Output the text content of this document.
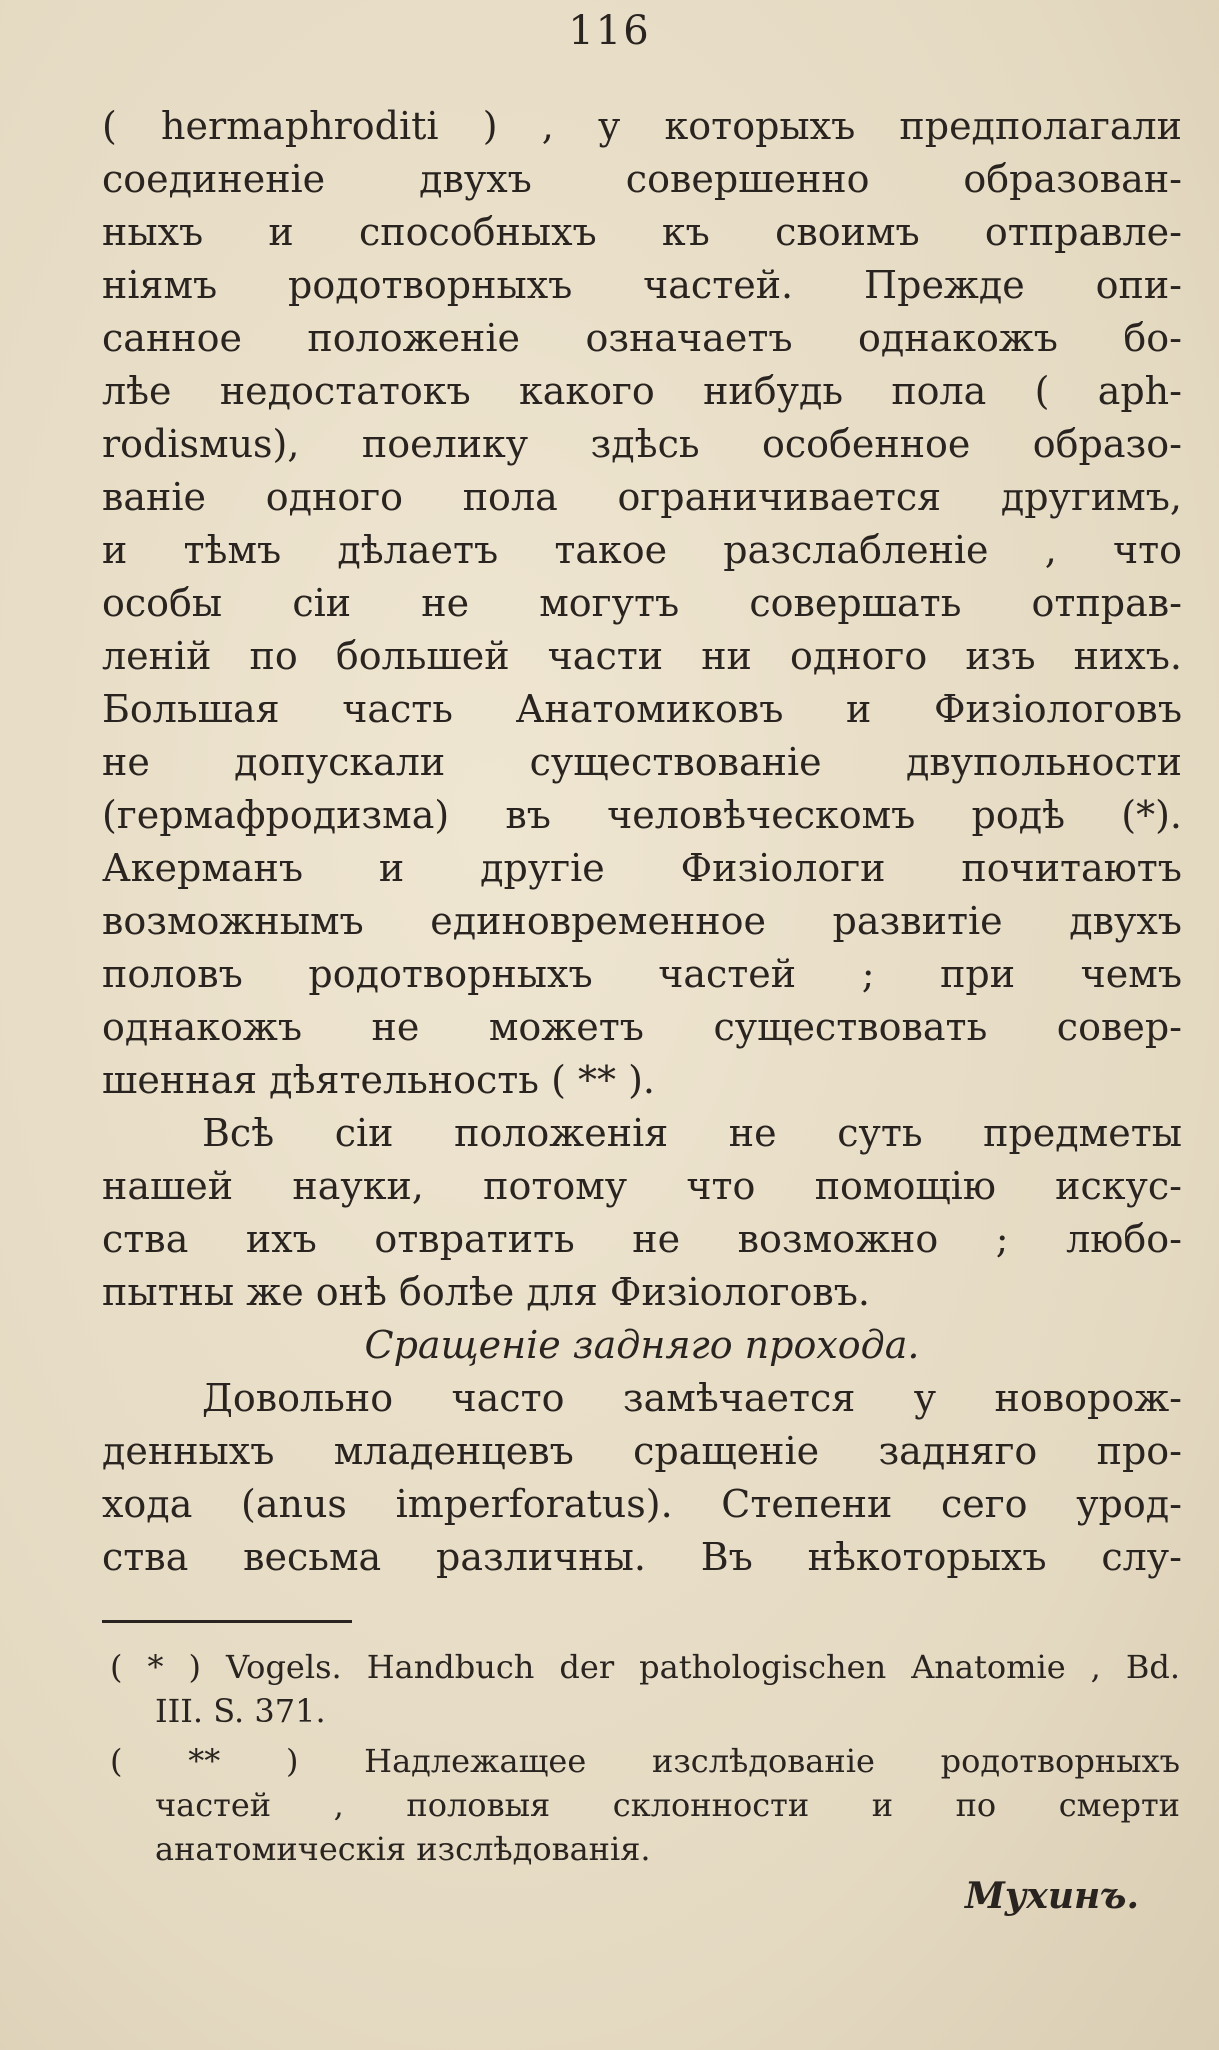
116
( hermaphroditi ) , у которыхъ предполагали
соединеніе двухъ совершенно образован-
ныхъ и способныхъ къ своимъ отправле-
ніямъ родотворныхъ частей. Прежде опи-
санное положеніе означаетъ однакожъ бо-
лѣе недостатокъ какого нибудь пола ( aph-
rodisмus), поелику здѣсь особенное образо-
ваніе одного пола ограничивается другимъ,
и тѣмъ дѣлаетъ такое разслабленіе , что
особы сіи не могутъ совершать отправ-
леній по большей части ни одного изъ нихъ.
Большая часть Анатомиковъ и Физіологовъ
не допускали существованіе двупольности
(гермафродизма) въ человѣческомъ родѣ (*).
Акерманъ и другіе Физіологи почитаютъ
возможнымъ единовременное развитіе двухъ
половъ родотворныхъ частей ; при чемъ
однакожъ не можетъ существовать совер-
шенная дѣятельность ( ** ).
Всѣ сіи положенія не суть предметы
нашей науки, потому что помощію искус-
ства ихъ отвратить не возможно ; любо-
пытны же онѣ болѣе для Физіологовъ.
Сращеніе задняго прохода.
Довольно часто замѣчается у новорож-
денныхъ младенцевъ сращеніе задняго про-
хода (anus imperforatus). Степени сего урод-
ства весьма различны. Въ нѣкоторыхъ слу-
( * ) Vogels. Handbuch der pathologischen Anatomie , Bd.
III. S. 371.
( ** ) Надлежащее изслѣдованіе родотворныхъ
частей , половыя склонности и по смерти
анатомическія изслѣдованія.
Мухинъ.
